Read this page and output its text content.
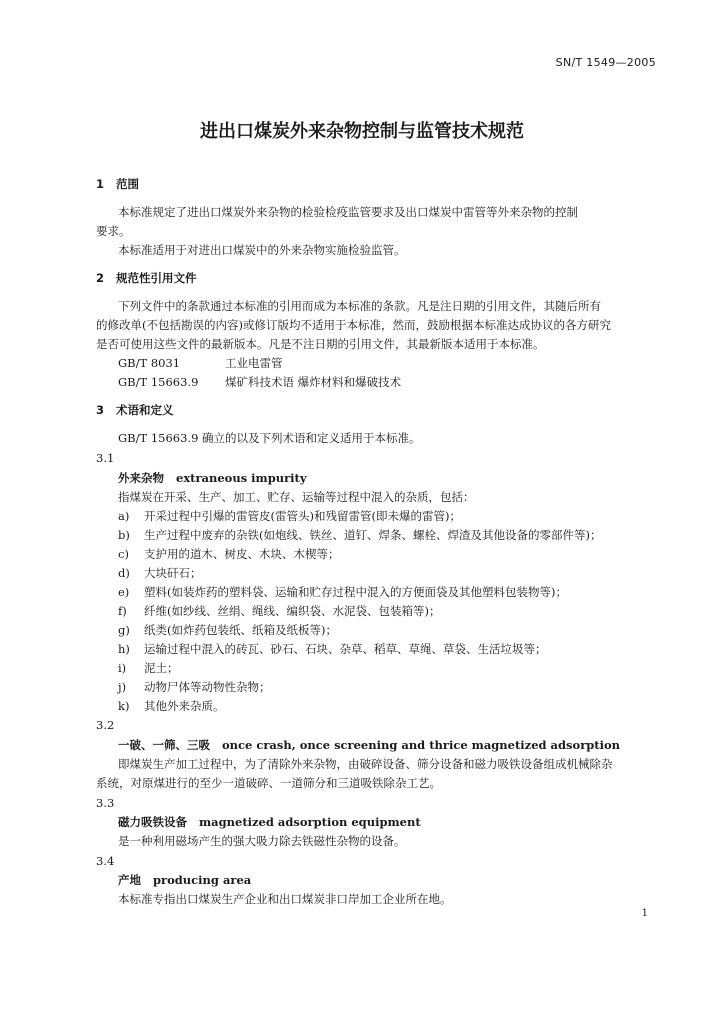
SN/T 1549—2005
进出口煤炭外来杂物控制与监管技术规范
1 范围
本标准规定了进出口煤炭外来杂物的检验检疫监管要求及出口煤炭中雷管等外来杂物的控制
要求。
本标准适用于对进出口煤炭中的外来杂物实施检验监管。
2 规范性引用文件
下列文件中的条款通过本标准的引用而成为本标准的条款。凡是注日期的引用文件，其随后所有
的修改单(不包括勘误的内容)或修订版均不适用于本标准，然而，鼓励根据本标准达成协议的各方研究
是否可使用这些文件的最新版本。凡是不注日期的引用文件，其最新版本适用于本标准。
GB/T 8031	工业电雷管
GB/T 15663.9 煤矿科技术语 爆炸材料和爆破技术
3 术语和定义
GB/T 15663.9 确立的以及下列术语和定义适用于本标准。
3.1
外来杂物 extraneous impurity
指煤炭在开采、生产、加工、贮存、运输等过程中混入的杂质，包括：
a) 开采过程中引爆的雷管皮(雷管头)和残留雷管(即未爆的雷管)；
b) 生产过程中废弃的杂铁(如炮线、铁丝、道钉、焊条、螺栓、焊渣及其他设备的零部件等)；
c) 支护用的道木、树皮、木块、木楔等；
d) 大块矸石；
e) 塑料(如装炸药的塑料袋、运输和贮存过程中混入的方便面袋及其他塑料包装物等)；
f) 纤维(如纱线、丝绢、绳线、编织袋、水泥袋、包装箱等)；
g) 纸类(如炸药包装纸、纸箱及纸板等)；
h) 运输过程中混入的砖瓦、砂石、石块、杂草、稻草、草绳、草袋、生活垃圾等；
i) 泥土；
j) 动物尸体等动物性杂物；
k) 其他外来杂质。
3.2
一破、一筛、三吸 once crash, once screening and thrice magnetized adsorption
即煤炭生产加工过程中，为了清除外来杂物，由破碎设备、筛分设备和磁力吸铁设备组成机械除杂
系统，对原煤进行的至少一道破碎、一道筛分和三道吸铁除杂工艺。
3.3
磁力吸铁设备 magnetized adsorption equipment
是一种利用磁场产生的强大吸力除去铁磁性杂物的设备。
3.4
产地 producing area
本标准专指出口煤炭生产企业和出口煤炭非口岸加工企业所在地。
1
